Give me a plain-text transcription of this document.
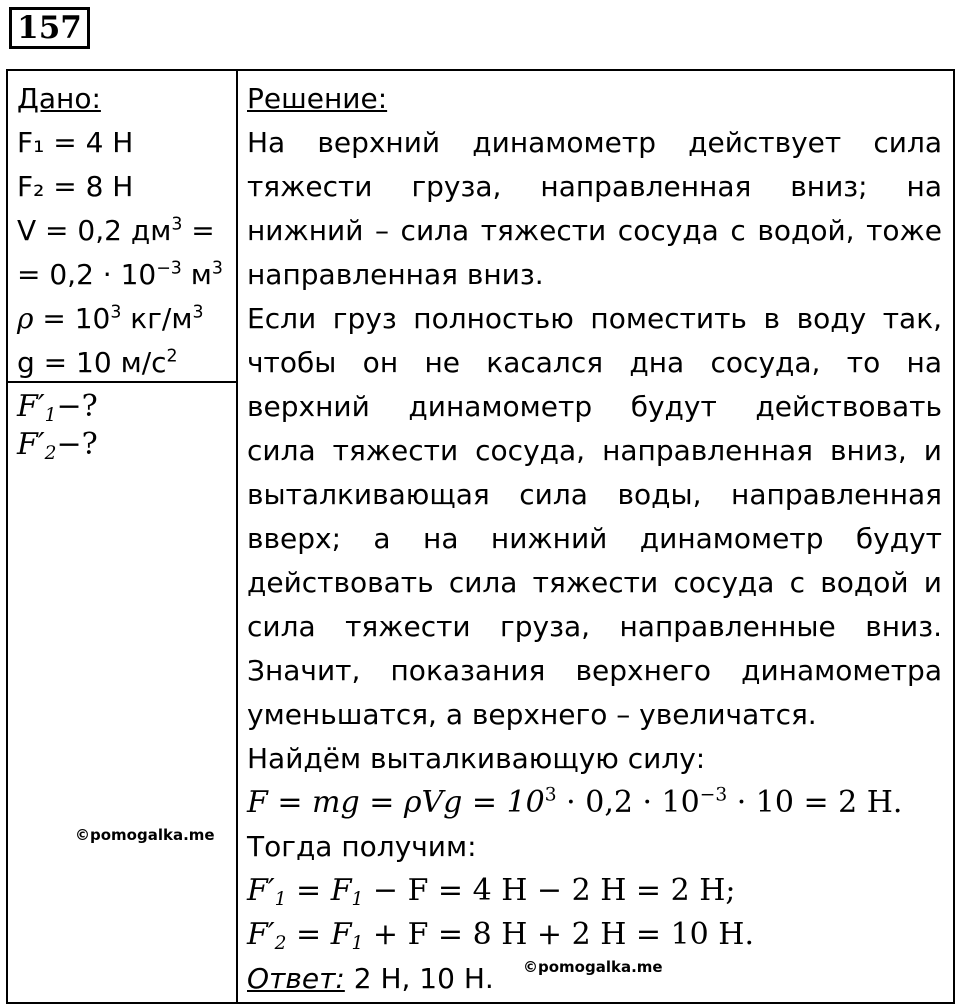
157
Дано:
F₁ = 4 Н
F₂ = 8 Н
V = 0,2 $дм^3$ =
= $0,2 \cdot 10^{-3}$ $м^3$
$\rho = 10^3$ $кг/м^3$
g = 10 $м/с^2$
$F'_1-$?
$F'_2-$?
Решение:
На верхний динамометр действует сила
тяжести груза, направленная вниз; на
нижний – сила тяжести сосуда с водой, тоже
направленная вниз.
Если груз полностью поместить в воду так,
чтобы он не касался дна сосуда, то на
верхний динамометр будут действовать
сила тяжести сосуда, направленная вниз, и
выталкивающая сила воды, направленная
вверх; а на нижний динамометр будут
действовать сила тяжести сосуда с водой и
сила тяжести груза, направленные вниз.
Значит, показания верхнего динамометра
уменьшатся, а верхнего – увеличатся.
Найдём выталкивающую силу:
F = mg = $\rho Vg = 10^3 \cdot 0,2 \cdot 10^{-3} \cdot 10 = 2$ Н.
Тогда получим:
$F'_1 = F_1 - F = 4$ Н − 2 Н = 2 Н;
$F'_2 = F_1 + F = 8$ Н + 2 Н = 10 Н.
Ответ: 2 Н, 10 Н.
©pomogalka.me
©pomogalka.me
